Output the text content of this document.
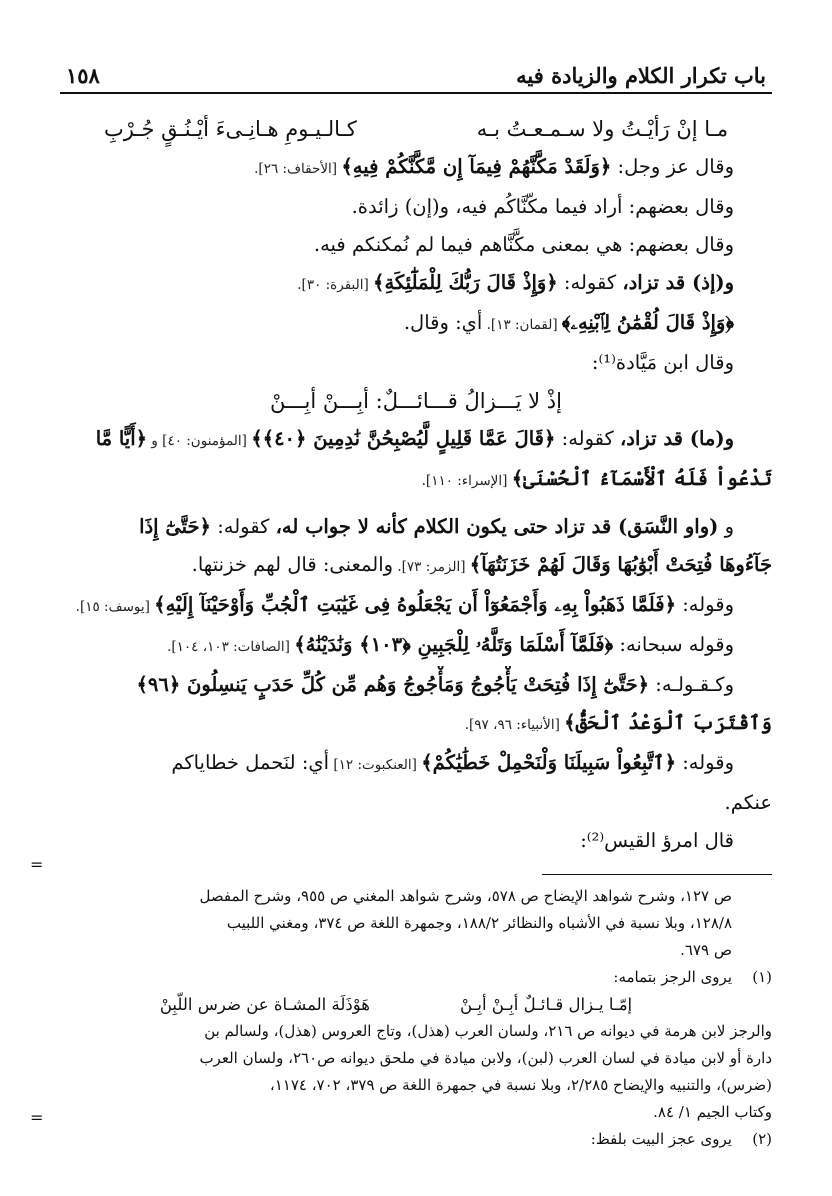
باب تكرار الكلام والزيادة فيه
١٥٨
مـا إنْ رَأيْـتُ ولا سـمـعـتُ بـه
كـالـيـومِ هـانِـىءَ أيْـنُـقٍ جُـرْبِ
وقال عز وجل: ﴿وَلَقَدْ مَكَّنَّهُمْ فِيمَآ إِن مَّكَّنَّكُمْ فِيهِ﴾ [الأحقاف: ٢٦].
وقال بعضهم: أراد فيما مكّنَّاكُم فيه، و(إن) زائدة.
وقال بعضهم: هي بمعنى مكَّنَّاهم فيما لم نُمكنكم فيه.
و(إذ) قد تزاد، كقوله: ﴿وَإِذْ قَالَ رَبُّكَ لِلْمَلَٰٓئِكَةِ﴾ [البقرة: ٣٠].
﴿وَإِذْ قَالَ لُقْمَٰنُ لِٱبْنِهِۦ﴾ [لقمان: ١٣]. أي: وقال.
وقال ابن مَيَّادة⁽¹⁾:
إذْ لا يَـــزالُ قـــائـــلٌ: أبِـــنْ أبِـــنْ
و(ما) قد تزاد، كقوله: ﴿قَالَ عَمَّا قَلِيلٍ لَّيُصْبِحُنَّ نَٰدِمِينَ ﴿٤٠﴾﴾ [المؤمنون: ٤٠] و ﴿أَيًّا مَّا
تَدْعُواْ فَلَهُ ٱلْأَسْمَآءُ ٱلْحُسْنَىٰ﴾ [الإسراء: ١١٠].
و (واو النَّسَق) قد تزاد حتى يكون الكلام كأنه لا جواب له، كقوله: ﴿حَتَّىٰٓ إِذَا
جَآءُوهَا فُتِحَتْ أَبْوَٰبُهَا وَقَالَ لَهُمْ خَزَنَتُهَآ﴾ [الزمر: ٧٣]. والمعنى: قال لهم خزنتها.
وقوله: ﴿فَلَمَّا ذَهَبُواْ بِهِۦ وَأَجْمَعُوٓاْ أَن يَجْعَلُوهُ فِى غَيَٰبَتِ ٱلْجُبِّ وَأَوْحَيْنَآ إِلَيْهِ﴾ [يوسف: ١٥].
وقوله سبحانه: ﴿فَلَمَّآ أَسْلَمَا وَتَلَّهُۥ لِلْجَبِينِ ﴿١٠٣﴾ وَنَٰدَيْنَٰهُ﴾ [الصافات: ١٠٣، ١٠٤].
وكـقـولـه: ﴿حَتَّىٰٓ إِذَا فُتِحَتْ يَأْجُوجُ وَمَأْجُوجُ وَهُم مِّن كُلِّ حَدَبٍ يَنسِلُونَ ﴿٩٦﴾
وَٱقْتَرَبَ ٱلْوَعْدُ ٱلْحَقُّ﴾ [الأنبياء: ٩٦، ٩٧].
وقوله: ﴿ٱتَّبِعُواْ سَبِيلَنَا وَلْنَحْمِلْ خَطَٰيَٰكُمْ﴾ [العنكبوت: ١٢] أي: لنَحمل خطاياكم
عنكم.
قال امرؤ القيس⁽²⁾:
ص ١٢٧، وشرح شواهد الإيضاح ص ٥٧٨، وشرح شواهد المغني ص ٩٥٥، وشرح المفصل
١٢٨/٨، وبلا نسبة في الأشباه والنظائر ١٨٨/٢، وجمهرة اللغة ص ٣٧٤، ومغني اللبيب
ص ٦٧٩.
(١)
يروى الرجز بتمامه:
إمّـا يـزال قـائـلٌ أبِـنْ أبِـنْ
هَوْذَلَة المشـاة عن ضرس اللّبِنْ
والرجز لابن هرمة في ديوانه ص ٢١٦، ولسان العرب (هذل)، وتاج العروس (هذل)، ولسالم بن
دارة أو لابن ميادة في لسان العرب (لبن)، ولابن ميادة في ملحق ديوانه ص٢٦٠، ولسان العرب
(ضرس)، والتنبيه والإيضاح ٢/٢٨٥، وبلا نسبة في جمهرة اللغة ص ٣٧٩، ٧٠٢، ١١٧٤،
وكتاب الجيم ١/ ٨٤.
(٢)
يروى عجز البيت بلفظ:
=
=
